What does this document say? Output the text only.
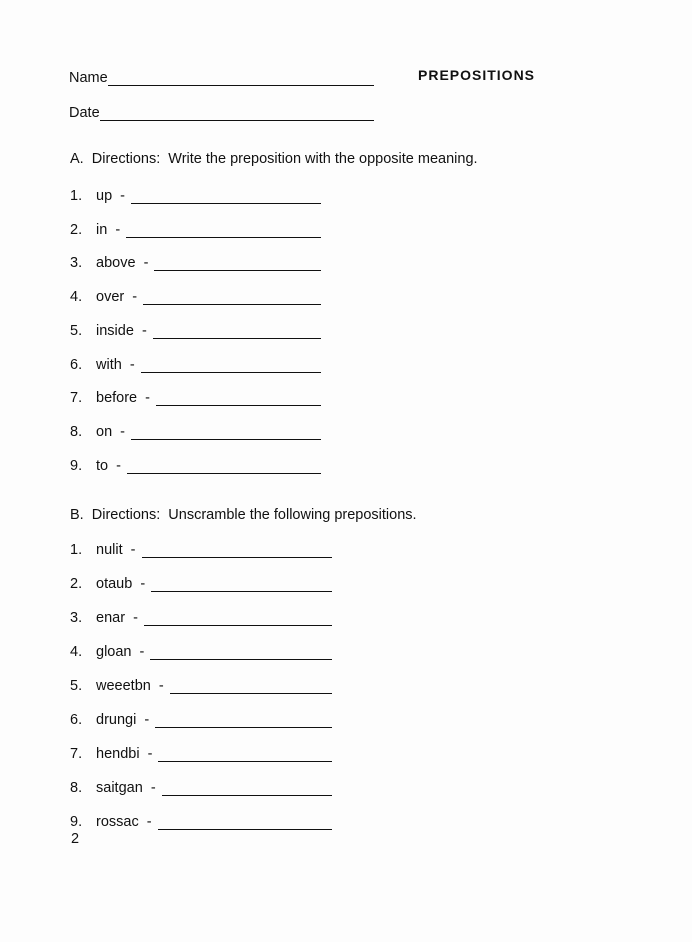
Name	PREPOSITIONS
Date
A.  Directions:  Write the preposition with the opposite meaning.
1. up  -
2. in  -
3. above  -
4. over  -
5. inside  -
6. with  -
7. before  -
8. on  -
9. to  -
B.  Directions:  Unscramble the following prepositions.
1. nulit  -
2. otaub  -
3. enar  -
4. gloan  -
5. weeetbn  -
6. drungi  -
7. hendbi  -
8. saitgan  -
9. rossac  -
2
